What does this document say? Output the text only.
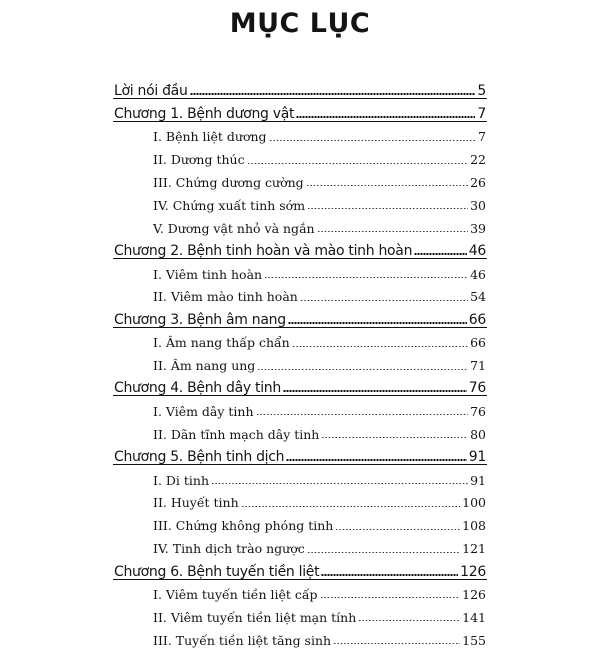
MỤC LỤC
Lời nói đầu	5
Chương 1. Bệnh dương vật	7
I. Bệnh liệt dương	7
II. Dương thúc	22
III. Chứng dương cường	26
IV. Chứng xuất tinh sớm	30
V. Dương vật nhỏ và ngắn	39
Chương 2. Bệnh tinh hoàn và mào tinh hoàn	46
I. Viêm tinh hoàn	46
II. Viêm mào tinh hoàn	54
Chương 3. Bệnh âm nang	66
I. Âm nang thấp chẩn	66
II. Âm nang ung	71
Chương 4. Bệnh dây tinh	76
I. Viêm dây tinh	76
II. Dãn tĩnh mạch dây tinh	80
Chương 5. Bệnh tinh dịch	91
I. Di tinh	91
II. Huyết tinh	100
III. Chứng không phóng tinh	108
IV. Tinh dịch trào ngược	121
Chương 6. Bệnh tuyến tiền liệt	126
I. Viêm tuyến tiền liệt cấp	126
II. Viêm tuyến tiền liệt mạn tính	141
III. Tuyến tiền liệt tăng sinh	155
